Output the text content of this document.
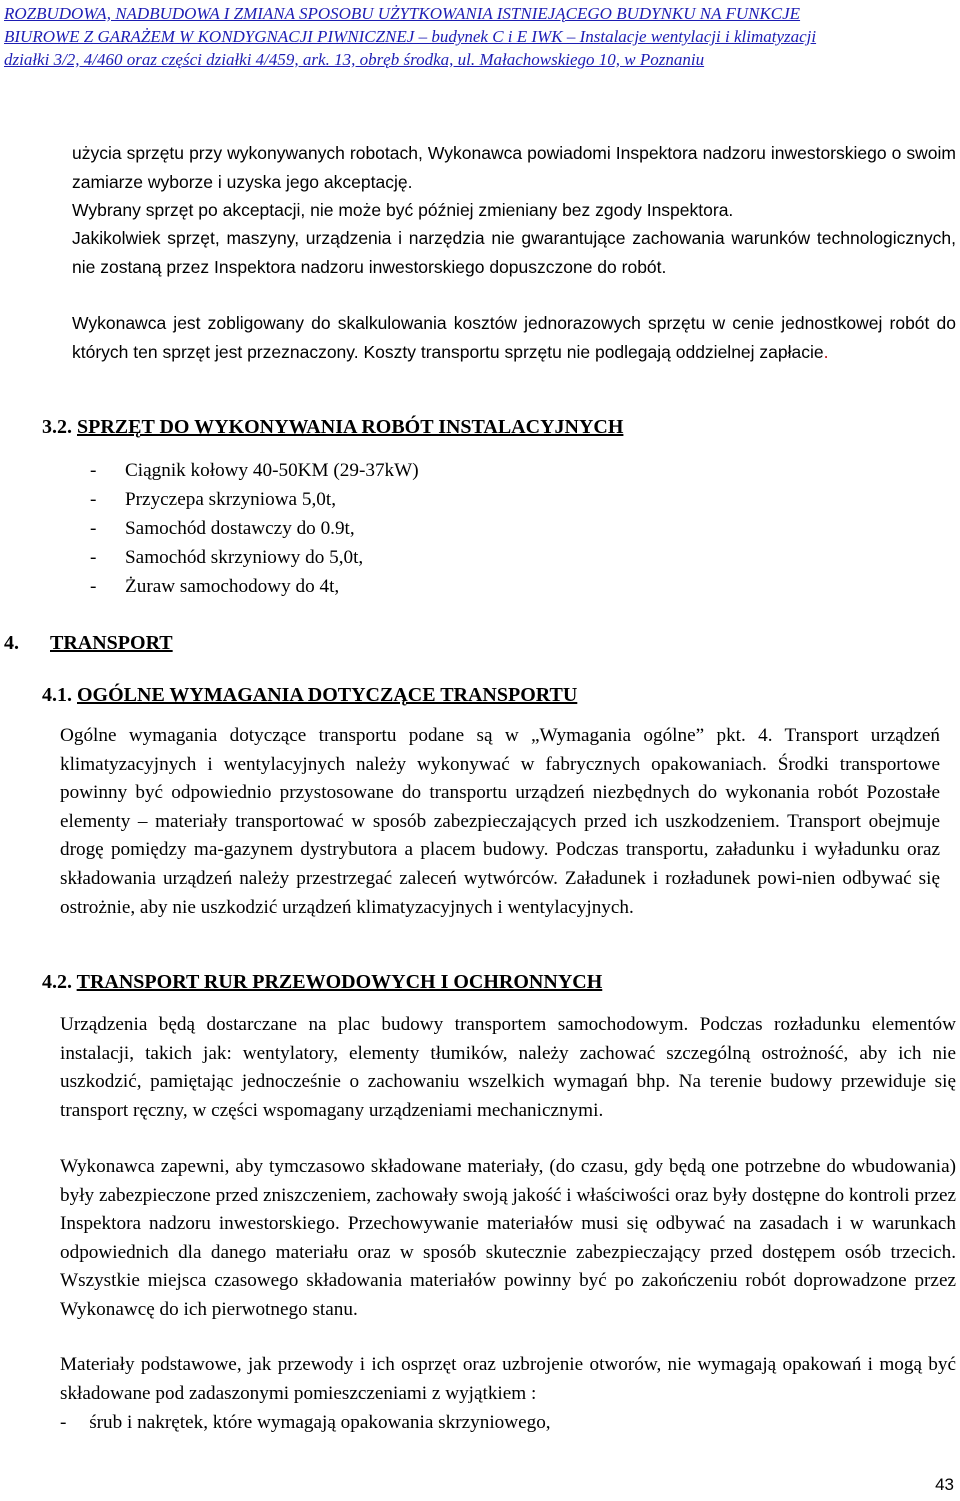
ROZBUDOWA, NADBUDOWA I ZMIANA SPOSOBU UŻYTKOWANIA ISTNIEJĄCEGO BUDYNKU NA FUNKCJE
BIUROWE Z GARAŻEM W KONDYGNACJI PIWNICZNEJ – budynek C i E IWK – Instalacje wentylacji i klimatyzacji
działki 3/2, 4/460 oraz części działki 4/459, ark. 13, obręb środka, ul. Małachowskiego 10, w Poznaniu

użycia sprzętu przy wykonywanych robotach, Wykonawca powiadomi Inspektora nadzoru inwestorskiego o swoim zamiarze wyborze i uzyska jego akceptację.

Wybrany sprzęt po akceptacji, nie może być później zmieniany bez zgody Inspektora.

Jakikolwiek sprzęt, maszyny, urządzenia i narzędzia nie gwarantujące zachowania warunków technologicznych, nie zostaną przez Inspektora nadzoru inwestorskiego dopuszczone do robót.

Wykonawca jest zobligowany do skalkulowania kosztów jednorazowych sprzętu w cenie jednostkowej robót do których ten sprzęt jest przeznaczony. Koszty transportu sprzętu nie podlegają oddzielnej zapłacie.

3.2. SPRZĘT DO WYKONYWANIA ROBÓT INSTALACYJNYCH
- Ciągnik kołowy 40-50KM (29-37kW)
- Przyczepa skrzyniowa 5,0t,
- Samochód dostawczy do 0.9t,
- Samochód skrzyniowy do 5,0t,
- Żuraw samochodowy do 4t,
4. TRANSPORT
4.1. OGÓLNE WYMAGANIA DOTYCZĄCE TRANSPORTU

Ogólne wymagania dotyczące transportu podane są w „Wymagania ogólne” pkt. 4. Transport urządzeń klimatyzacyjnych i wentylacyjnych należy wykonywać w fabrycznych opakowaniach. Środki transportowe powinny być odpowiednio przystosowane do transportu urządzeń niezbędnych do wykonania robót Pozostałe elementy – materiały transportować w sposób zabezpieczających przed ich uszkodzeniem. Transport obejmuje drogę pomiędzy ma-gazynem dystrybutora a placem budowy. Podczas transportu, załadunku i wyładunku oraz składowania urządzeń należy przestrzegać zaleceń wytwórców. Załadunek i rozładunek powi-nien odbywać się ostrożnie, aby nie uszkodzić urządzeń klimatyzacyjnych i wentylacyjnych.

4.2. TRANSPORT RUR PRZEWODOWYCH I OCHRONNYCH

Urządzenia będą dostarczane na plac budowy transportem samochodowym. Podczas rozładunku elementów instalacji, takich jak: wentylatory, elementy tłumików, należy zachować szczególną ostrożność, aby ich nie uszkodzić, pamiętając jednocześnie o zachowaniu wszelkich wymagań bhp. Na terenie budowy przewiduje się transport ręczny, w części wspomagany urządzeniami mechanicznymi.

Wykonawca zapewni, aby tymczasowo składowane materiały, (do czasu, gdy będą one potrzebne do wbudowania) były zabezpieczone przed zniszczeniem, zachowały swoją jakość i właściwości oraz były dostępne do kontroli przez Inspektora nadzoru inwestorskiego. Przechowywanie materiałów musi się odbywać na zasadach i w warunkach odpowiednich dla danego materiału oraz w sposób skutecznie zabezpieczający przed dostępem osób trzecich. Wszystkie miejsca czasowego składowania materiałów powinny być po zakończeniu robót doprowadzone przez Wykonawcę do ich pierwotnego stanu.

Materiały podstawowe, jak przewody i ich osprzęt oraz uzbrojenie otworów, nie wymagają opakowań i mogą być składowane pod zadaszonymi pomieszczeniami z wyjątkiem :

- śrub i nakrętek, które wymagają opakowania skrzyniowego,
43
